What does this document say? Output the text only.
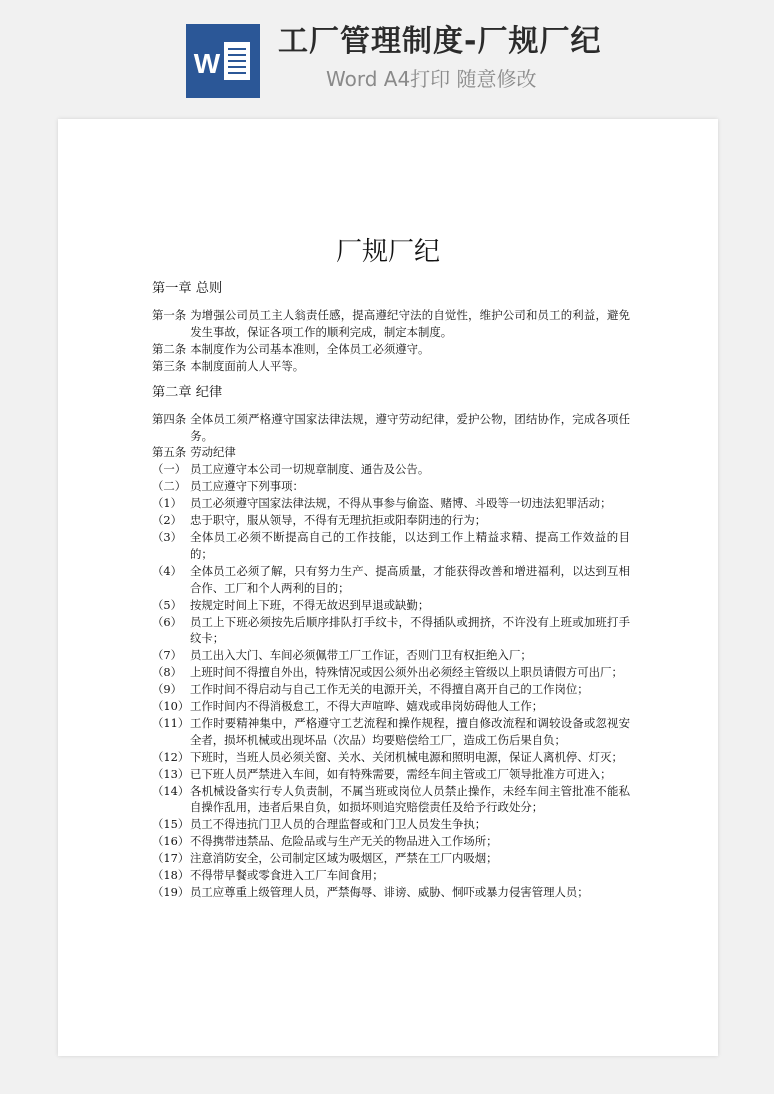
W
工厂管理制度-厂规厂纪
Word A4打印 随意修改
厂规厂纪
第一章 总则
第一条 为增强公司员工主人翁责任感，提高遵纪守法的自觉性，维护公司和员工的利益，避免发生事故，保证各项工作的顺利完成，制定本制度。
第二条 本制度作为公司基本准则，全体员工必须遵守。
第三条 本制度面前人人平等。
第二章 纪律
第四条 全体员工须严格遵守国家法律法规，遵守劳动纪律，爱护公物，团结协作，完成各项任务。
第五条 劳动纪律
（一） 员工应遵守本公司一切规章制度、通告及公告。
（二） 员工应遵守下列事项：
（1） 员工必须遵守国家法律法规，不得从事参与偷盗、赌博、斗殴等一切违法犯罪活动；
（2） 忠于职守，服从领导，不得有无理抗拒或阳奉阴违的行为；
（3） 全体员工必须不断提高自己的工作技能，以达到工作上精益求精、提高工作效益的目的；
（4） 全体员工必须了解，只有努力生产、提高质量，才能获得改善和增进福利，以达到互相合作、工厂和个人两利的目的；
（5） 按规定时间上下班，不得无故迟到早退或缺勤；
（6） 员工上下班必须按先后顺序排队打手纹卡，不得插队或拥挤，不许没有上班或加班打手纹卡；
（7） 员工出入大门、车间必须佩带工厂工作证，否则门卫有权拒绝入厂；
（8） 上班时间不得擅自外出，特殊情况或因公须外出必须经主管级以上职员请假方可出厂；
（9） 工作时间不得启动与自己工作无关的电源开关，不得擅自离开自己的工作岗位；
（10） 工作时间内不得消极怠工，不得大声喧哗、嬉戏或串岗妨碍他人工作；
（11） 工作时要精神集中，严格遵守工艺流程和操作规程，擅自修改流程和调较设备或忽视安全者，损坏机械或出现坏品（次品）均要赔偿给工厂，造成工伤后果自负；
（12） 下班时，当班人员必须关窗、关水、关闭机械电源和照明电源，保证人离机停、灯灭；
（13） 已下班人员严禁进入车间，如有特殊需要，需经车间主管或工厂领导批准方可进入；
（14） 各机械设备实行专人负责制，不属当班或岗位人员禁止操作，未经车间主管批准不能私自操作乱用，违者后果自负，如损坏则追究赔偿责任及给予行政处分；
（15） 员工不得违抗门卫人员的合理监督或和门卫人员发生争执；
（16） 不得携带违禁品、危险品或与生产无关的物品进入工作场所；
（17） 注意消防安全，公司制定区域为吸烟区，严禁在工厂内吸烟；
（18） 不得带早餐或零食进入工厂车间食用；
（19） 员工应尊重上级管理人员，严禁侮辱、诽谤、威胁、恫吓或暴力侵害管理人员；
